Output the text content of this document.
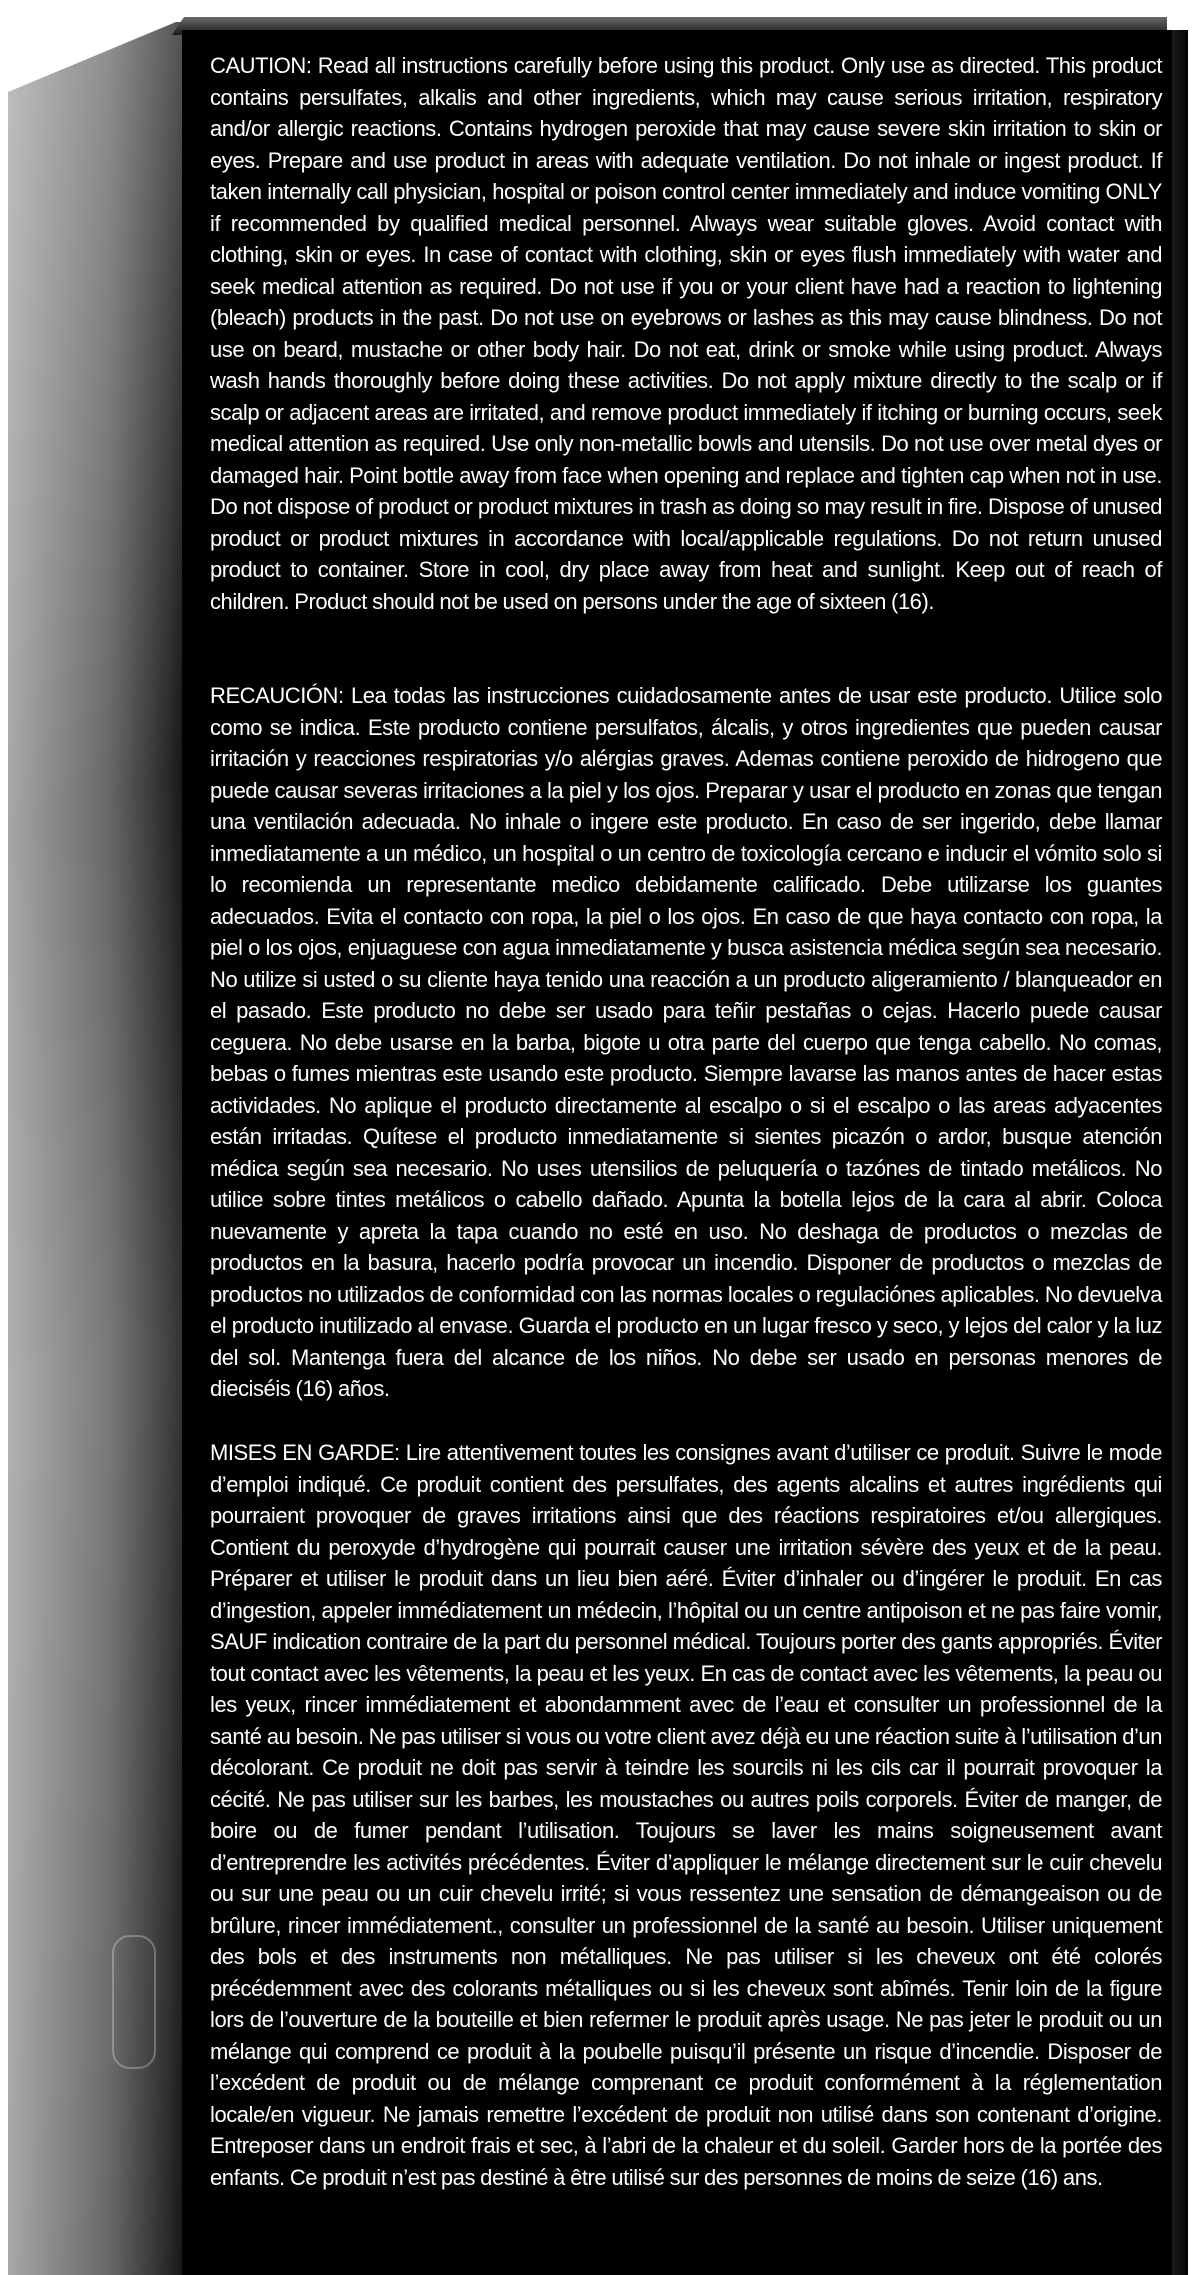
CAUTION: Read all instructions carefully before using this product. Only use as directed. This product contains persulfates, alkalis and other ingredients, which may cause serious irritation, respiratory and/or allergic reactions. Contains hydrogen peroxide that may cause severe skin irritation to skin or eyes. Prepare and use product in areas with adequate ventilation. Do not inhale or ingest product. If taken internally call physician, hospital or poison control center immediately and induce vomiting ONLY if recommended by qualified medical personnel. Always wear suitable gloves. Avoid contact with clothing, skin or eyes. In case of contact with clothing, skin or eyes flush immediately with water and seek medical attention as required. Do not use if you or your client have had a reaction to lightening (bleach) products in the past. Do not use on eyebrows or lashes as this may cause blindness. Do not use on beard, mustache or other body hair. Do not eat, drink or smoke while using product. Always wash hands thoroughly before doing these activities. Do not apply mixture directly to the scalp or if scalp or adjacent areas are irritated, and remove product immediately if itching or burning occurs, seek medical attention as required. Use only non-metallic bowls and utensils. Do not use over metal dyes or damaged hair. Point bottle away from face when opening and replace and tighten cap when not in use. Do not dispose of product or product mixtures in trash as doing so may result in fire. Dispose of unused product or product mixtures in accordance with local/applicable regulations. Do not return unused product to container. Store in cool, dry place away from heat and sunlight. Keep out of reach of children. Product should not be used on persons under the age of sixteen (16).
RECAUCIÓN: Lea todas las instrucciones cuidadosamente antes de usar este producto. Utilice solo como se indica. Este producto contiene persulfatos, álcalis, y otros ingredientes que pueden causar irritación y reacciones respiratorias y/o alérgias graves. Ademas contiene peroxido de hidrogeno que puede causar severas irritaciones a la piel y los ojos. Preparar y usar el producto en zonas que tengan una ventilación adecuada. No inhale o ingere este producto. En caso de ser ingerido, debe llamar inmediatamente a un médico, un hospital o un centro de toxicología cercano e inducir el vómito solo si lo recomienda un representante medico debidamente calificado. Debe utilizarse los guantes adecuados. Evita el contacto con ropa, la piel o los ojos. En caso de que haya contacto con ropa, la piel o los ojos, enjuaguese con agua inmediatamente y busca asistencia médica según sea necesario. No utilize si usted o su cliente haya tenido una reacción a un producto aligeramiento / blanqueador en el pasado. Este producto no debe ser usado para teñir pestañas o cejas. Hacerlo puede causar ceguera. No debe usarse en la barba, bigote u otra parte del cuerpo que tenga cabello. No comas, bebas o fumes mientras este usando este producto. Siempre lavarse las manos antes de hacer estas actividades. No aplique el producto directamente al escalpo o si el escalpo o las areas adyacentes están irritadas. Quítese el producto inmediatamente si sientes picazón o ardor, busque atención médica según sea necesario. No uses utensilios de peluquería o tazónes de tintado metálicos. No utilice sobre tintes metálicos o cabello dañado. Apunta la botella lejos de la cara al abrir. Coloca nuevamente y apreta la tapa cuando no esté en uso. No deshaga de productos o mezclas de productos en la basura, hacerlo podría provocar un incendio. Disponer de productos o mezclas de productos no utilizados de conformidad con las normas locales o regulaciónes aplicables. No devuelva el producto inutilizado al envase. Guarda el producto en un lugar fresco y seco, y lejos del calor y la luz del sol. Mantenga fuera del alcance de los niños. No debe ser usado en personas menores de dieciséis (16) años.
MISES EN GARDE: Lire attentivement toutes les consignes avant d’utiliser ce produit. Suivre le mode d’emploi indiqué. Ce produit contient des persulfates, des agents alcalins et autres ingrédients qui pourraient provoquer de graves irritations ainsi que des réactions respiratoires et/ou allergiques. Contient du peroxyde d’hydrogène qui pourrait causer une irritation sévère des yeux et de la peau. Préparer et utiliser le produit dans un lieu bien aéré. Éviter d’inhaler ou d’ingérer le produit. En cas d’ingestion, appeler immédiatement un médecin, l’hôpital ou un centre antipoison et ne pas faire vomir, SAUF indication contraire de la part du personnel médical. Toujours porter des gants appropriés. Éviter tout contact avec les vêtements, la peau et les yeux. En cas de contact avec les vêtements, la peau ou les yeux, rincer immédiatement et abondamment avec de l’eau et consulter un professionnel de la santé au besoin. Ne pas utiliser si vous ou votre client avez déjà eu une réaction suite à l’utilisation d’un décolorant. Ce produit ne doit pas servir à teindre les sourcils ni les cils car il pourrait provoquer la cécité. Ne pas utiliser sur les barbes, les moustaches ou autres poils corporels. Éviter de manger, de boire ou de fumer pendant l’utilisation. Toujours se laver les mains soigneusement avant d’entreprendre les activités précédentes. Éviter d’appliquer le mélange directement sur le cuir chevelu ou sur une peau ou un cuir chevelu irrité; si vous ressentez une sensation de démangeaison ou de brûlure, rincer immédiatement., consulter un professionnel de la santé au besoin. Utiliser uniquement des bols et des instruments non métalliques. Ne pas utiliser si les cheveux ont été colorés précédemment avec des colorants métalliques ou si les cheveux sont abîmés. Tenir loin de la figure lors de l’ouverture de la bouteille et bien refermer le produit après usage. Ne pas jeter le produit ou un mélange qui comprend ce produit à la poubelle puisqu’il présente un risque d’incendie. Disposer de l’excédent de produit ou de mélange comprenant ce produit conformément à la réglementation locale/en vigueur. Ne jamais remettre l’excédent de produit non utilisé dans son contenant d’origine. Entreposer dans un endroit frais et sec, à l’abri de la chaleur et du soleil. Garder hors de la portée des enfants. Ce produit n’est pas destiné à être utilisé sur des personnes de moins de seize (16) ans.
